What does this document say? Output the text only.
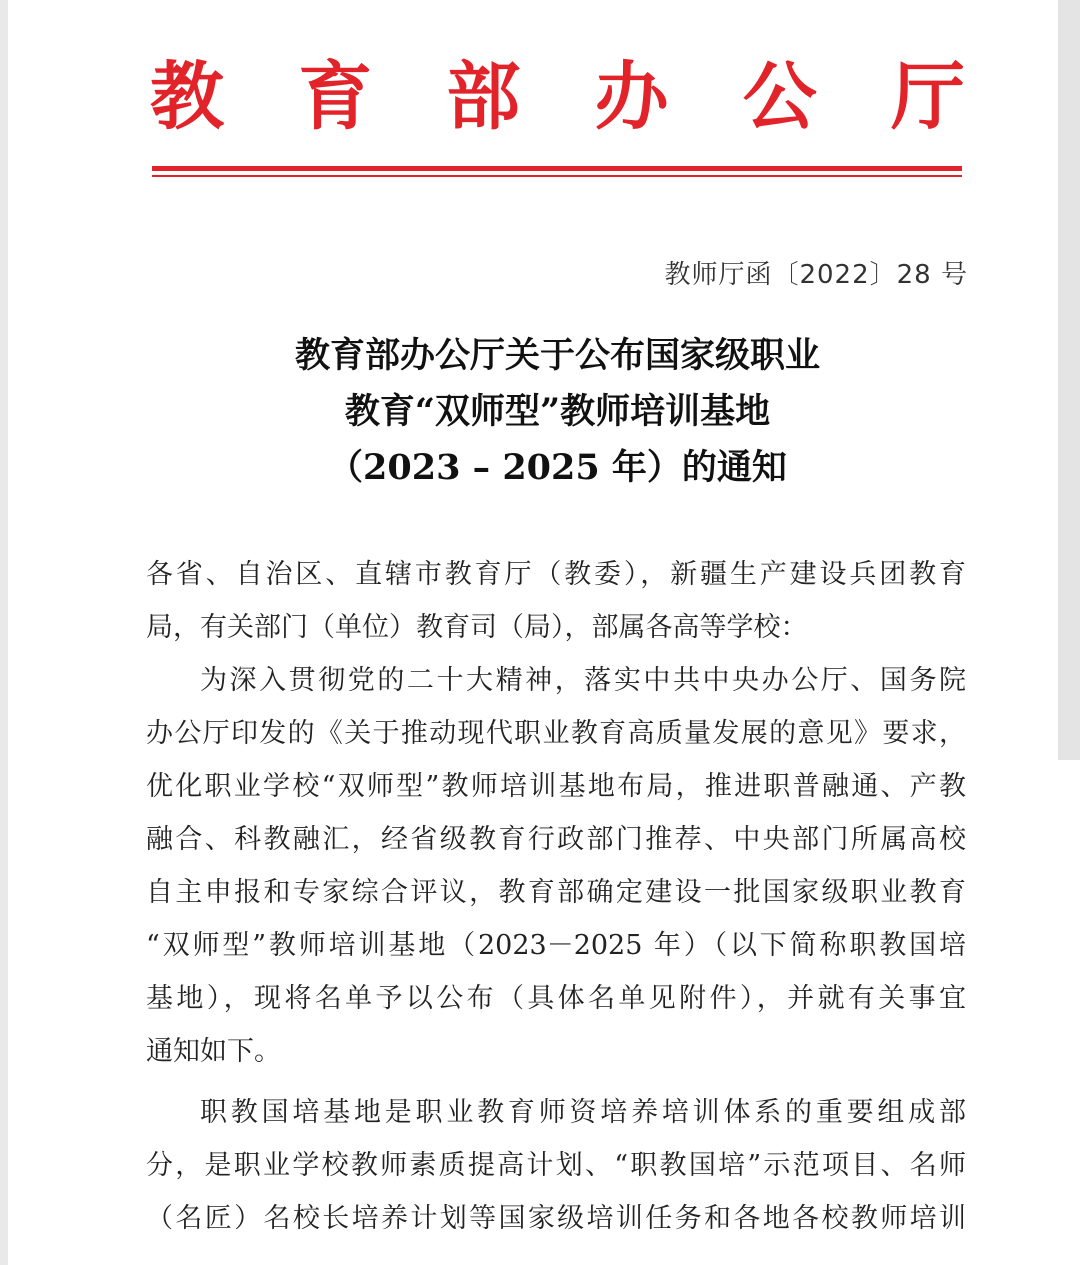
教 育 部 办 公 厅
教师厅函〔2022〕28 号
教育部办公厅关于公布国家级职业
教育“双师型”教师培训基地
（2023 – 2025 年）的通知
各省、自治区、直辖市教育厅（教委），新疆生产建设兵团教育
局，有关部门（单位）教育司（局），部属各高等学校：
为深入贯彻党的二十大精神，落实中共中央办公厅、国务院
办公厅印发的《关于推动现代职业教育高质量发展的意见》要求，
优化职业学校“双师型”教师培训基地布局，推进职普融通、产教
融合、科教融汇，经省级教育行政部门推荐、中央部门所属高校
自主申报和专家综合评议，教育部确定建设一批国家级职业教育
“双师型”教师培训基地（2023－2025 年）（以下简称职教国培
基地），现将名单予以公布（具体名单见附件），并就有关事宜
通知如下。
职教国培基地是职业教育师资培养培训体系的重要组成部
分，是职业学校教师素质提高计划、“职教国培”示范项目、名师
（名匠）名校长培养计划等国家级培训任务和各地各校教师培训
